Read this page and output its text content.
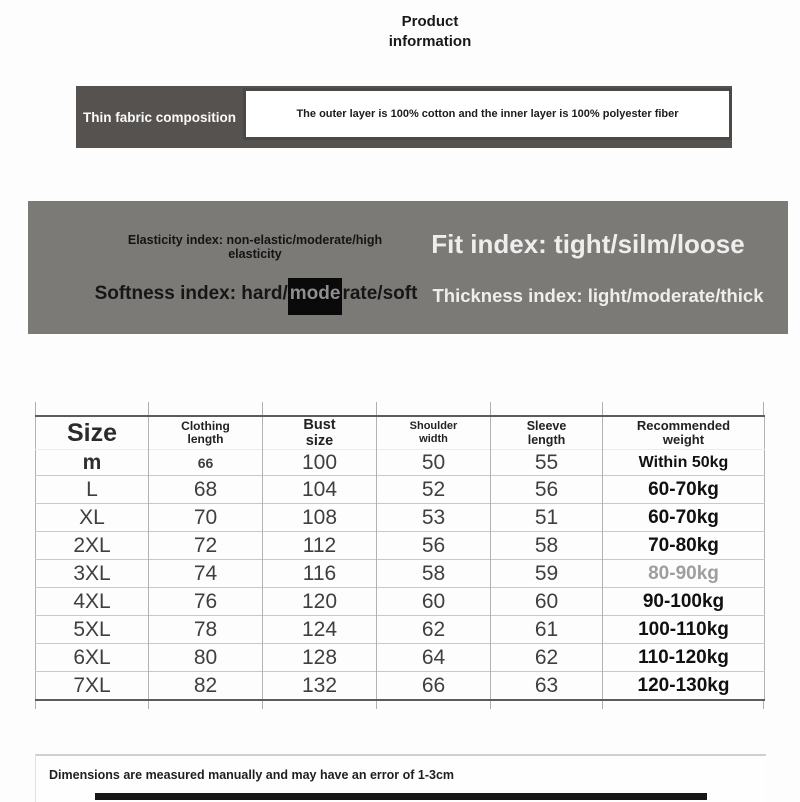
Product
information
Thin fabric composition	The outer layer is 100% cotton and the inner layer is 100% polyester fiber
Elasticity index: non-elastic/moderate/high elasticity	Fit index: tight/silm/loose
Softness index: hard/ mode rate/soft Thickness index: light/moderate/thick
Size	Clothing length	Bust size	Shoulder width	Sleeve length	Recommended weight
m	66	100	50	55	Within 50kg
L	68	104	52	56	60-70kg
XL	70	108	53	51	60-70kg
2XL	72	112	56	58	70-80kg
3XL	74	116	58	59	80-90kg
4XL	76	120	60	60	90-100kg
5XL	78	124	62	61	100-110kg
6XL	80	128	64	62	110-120kg
7XL	82	132	66	63	120-130kg
Dimensions are measured manually and may have an error of 1-3cm
